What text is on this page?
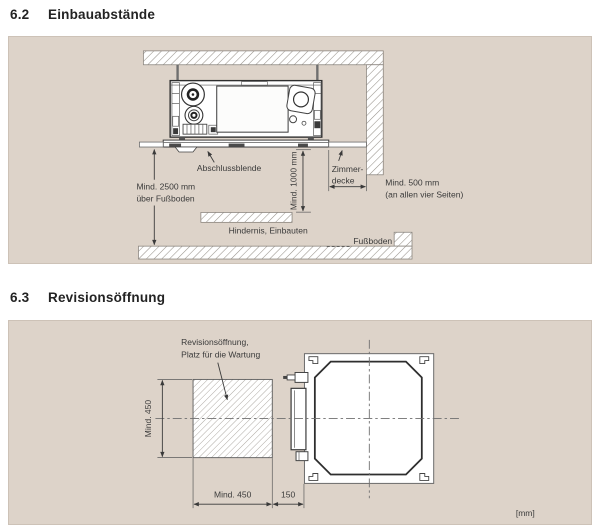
6.2	Einbauabstände
Mind. 2500 mm
über Fußboden
Abschlussblende	Mind. 1000 mm	Zimmer-
decke	Mind. 500 mm
(an allen vier Seiten)
Hindernis, Einbauten
Fußboden
6.3	Revisionsöffnung
Revisionsöffnung,
Platz für die Wartung
Mind. 450
Mind. 450	150
[mm]
